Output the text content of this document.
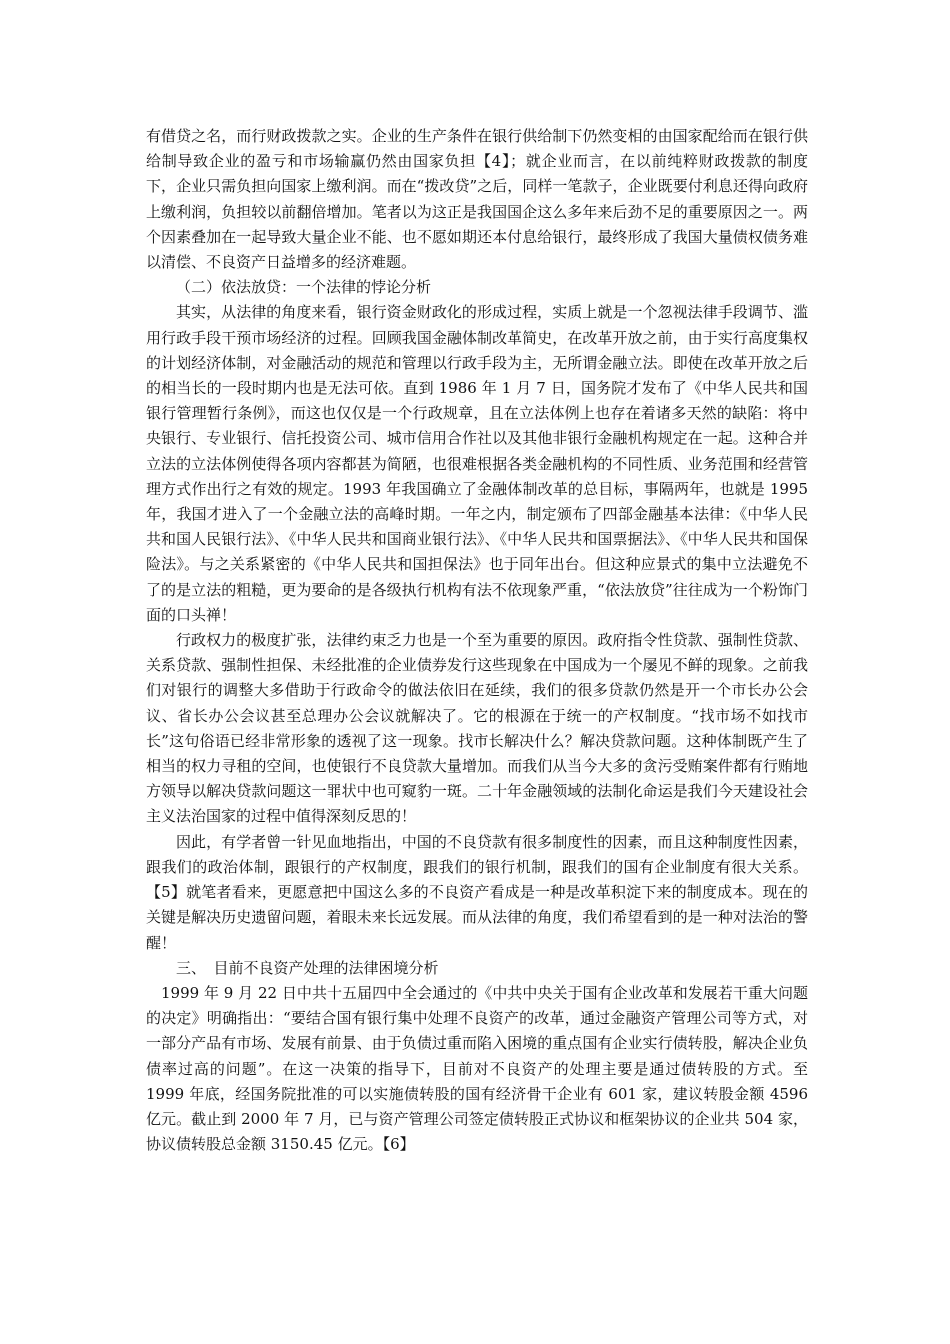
有借贷之名，而行财政拨款之实。企业的生产条件在银行供给制下仍然变相的由国家配给而在银行供给制导致企业的盈亏和市场输赢仍然由国家负担【4】；就企业而言，在以前纯粹财政拨款的制度下，企业只需负担向国家上缴利润。而在“拨改贷”之后，同样一笔款子，企业既要付利息还得向政府上缴利润，负担较以前翻倍增加。笔者以为这正是我国国企这么多年来后劲不足的重要原因之一。两个因素叠加在一起导致大量企业不能、也不愿如期还本付息给银行，最终形成了我国大量债权债务难以清偿、不良资产日益增多的经济难题。

（二）依法放贷：一个法律的悖论分析

其实，从法律的角度来看，银行资金财政化的形成过程，实质上就是一个忽视法律手段调节、滥用行政手段干预市场经济的过程。回顾我国金融体制改革简史，在改革开放之前，由于实行高度集权的计划经济体制，对金融活动的规范和管理以行政手段为主，无所谓金融立法。即使在改革开放之后的相当长的一段时期内也是无法可依。直到 1986 年 1 月 7 日，国务院才发布了《中华人民共和国银行管理暂行条例》，而这也仅仅是一个行政规章，且在立法体例上也存在着诸多天然的缺陷：将中央银行、专业银行、信托投资公司、城市信用合作社以及其他非银行金融机构规定在一起。这种合并立法的立法体例使得各项内容都甚为简陋，也很难根据各类金融机构的不同性质、业务范围和经营管理方式作出行之有效的规定。1993 年我国确立了金融体制改革的总目标，事隔两年，也就是 1995 年，我国才进入了一个金融立法的高峰时期。一年之内，制定颁布了四部金融基本法律：《中华人民共和国人民银行法》、《中华人民共和国商业银行法》、《中华人民共和国票据法》、《中华人民共和国保险法》。与之关系紧密的《中华人民共和国担保法》也于同年出台。但这种应景式的集中立法避免不了的是立法的粗糙，更为要命的是各级执行机构有法不依现象严重，“依法放贷”往往成为一个粉饰门面的口头禅！

行政权力的极度扩张，法律约束乏力也是一个至为重要的原因。政府指令性贷款、强制性贷款、关系贷款、强制性担保、未经批准的企业债券发行这些现象在中国成为一个屡见不鲜的现象。之前我们对银行的调整大多借助于行政命令的做法依旧在延续，我们的很多贷款仍然是开一个市长办公会议、省长办公会议甚至总理办公会议就解决了。它的根源在于统一的产权制度。“找市场不如找市长”这句俗语已经非常形象的透视了这一现象。找市长解决什么？解决贷款问题。这种体制既产生了相当的权力寻租的空间，也使银行不良贷款大量增加。而我们从当今大多的贪污受贿案件都有行贿地方领导以解决贷款问题这一罪状中也可窥豹一斑。二十年金融领域的法制化命运是我们今天建设社会主义法治国家的过程中值得深刻反思的！

因此，有学者曾一针见血地指出，中国的不良贷款有很多制度性的因素，而且这种制度性因素，跟我们的政治体制，跟银行的产权制度，跟我们的银行机制，跟我们的国有企业制度有很大关系。【5】就笔者看来，更愿意把中国这么多的不良资产看成是一种是改革积淀下来的制度成本。现在的关键是解决历史遗留问题，着眼未来长远发展。而从法律的角度，我们希望看到的是一种对法治的警醒！

三、　目前不良资产处理的法律困境分析

1999 年 9 月 22 日中共十五届四中全会通过的《中共中央关于国有企业改革和发展若干重大问题的决定》明确指出：“要结合国有银行集中处理不良资产的改革，通过金融资产管理公司等方式，对一部分产品有市场、发展有前景、由于负债过重而陷入困境的重点国有企业实行债转股，解决企业负债率过高的问题”。在这一决策的指导下，目前对不良资产的处理主要是通过债转股的方式。至 1999 年底，经国务院批准的可以实施债转股的国有经济骨干企业有 601 家，建议转股金额 4596 亿元。截止到 2000 年 7 月，已与资产管理公司签定债转股正式协议和框架协议的企业共 504 家，协议债转股总金额 3150.45 亿元。【6】
